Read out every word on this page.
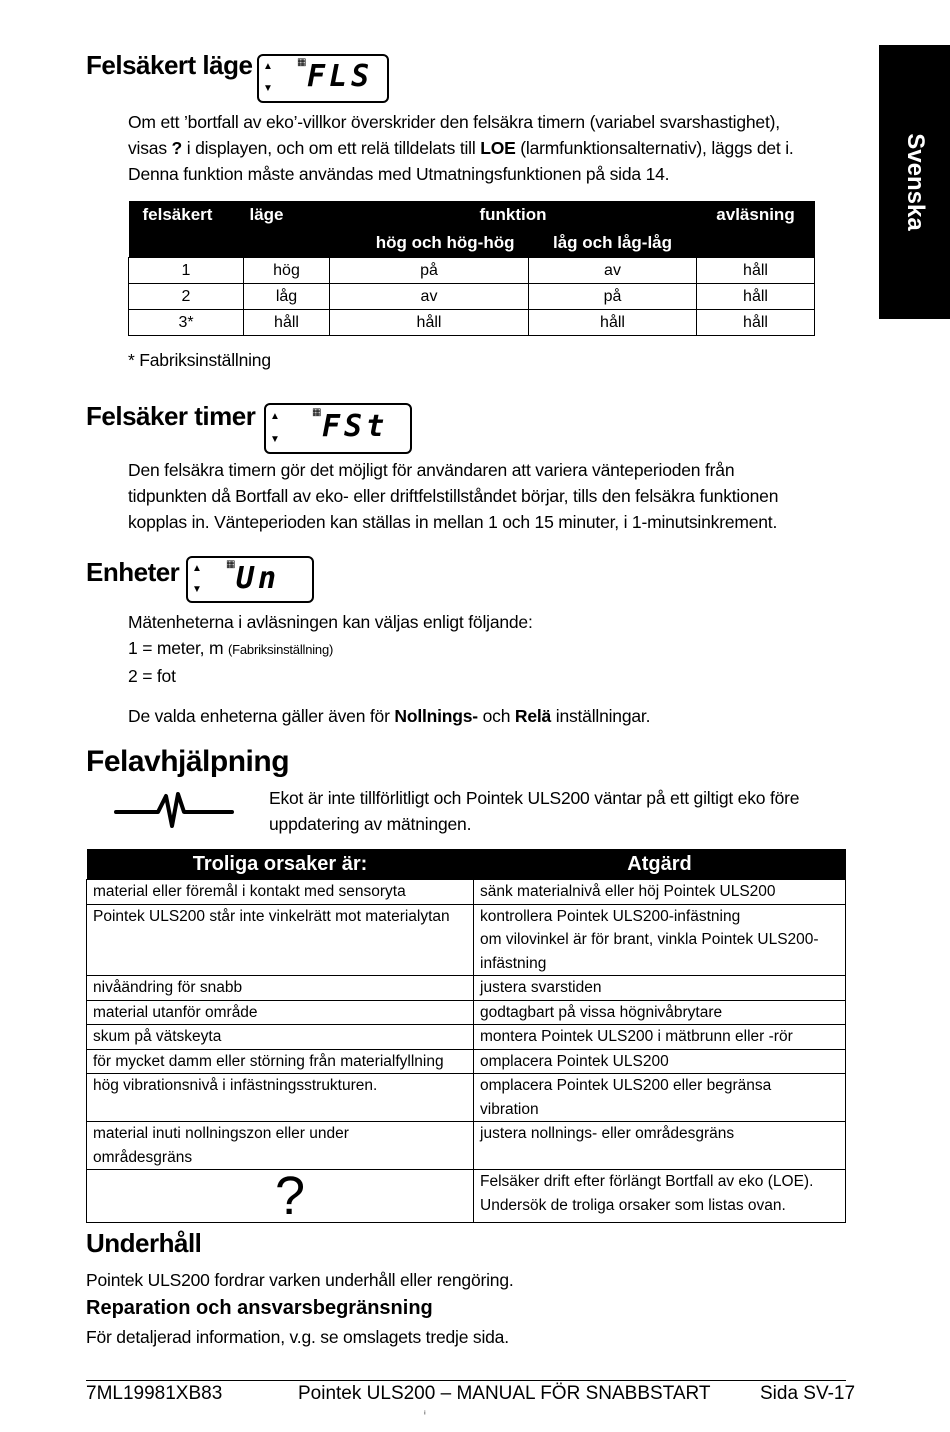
Svenska
Felsäkert läge ▲
▼
▦ FLS
Om ett ’bortfall av eko’-villkor överskrider den felsäkra timern (variabel svarshastighet),
visas ? i displayen, och om ett relä tilldelats till LOE (larmfunktionsalternativ), läggs det i.
Denna funktion måste användas med Utmatningsfunktionen på sida 14.
felsäkert	läge	funktion		avläsning
		hög och hög-hög	låg och låg-låg	
1	hög	på	av	håll
2	låg	av	på	håll
3*	håll	håll	håll	håll
* Fabriksinställning
Felsäker timer ▲
▼
▦ FSt
Den felsäkra timern gör det möjligt för användaren att variera vänteperioden från
tidpunkten då Bortfall av eko- eller driftfelstillståndet börjar, tills den felsäkra funktionen
kopplas in. Vänteperioden kan ställas in mellan 1 och 15 minuter, i 1-minutsinkrement.
Enheter ▲
▼
▦ Un
Mätenheterna i avläsningen kan väljas enligt följande:
1 = meter, m (Fabriksinställning)
2 = fot
De valda enheterna gäller även för Nollnings- och Relä inställningar.
Felavhjälpning
Ekot är inte tillförlitligt och Pointek ULS200 väntar på ett giltigt eko före
uppdatering av mätningen.
Troliga orsaker är:	Atgärd

material eller föremål i kontakt med sensoryta	sänk materialnivå eller höj Pointek ULS200

Pointek ULS200 står inte vinkelrätt mot materialytan	kontrollera Pointek ULS200-infästning
om vilovinkel är för brant, vinkla Pointek ULS200-
infästning

nivåändring för snabb	justera svarstiden

material utanför område	godtagbart på vissa högnivåbrytare

skum på vätskeyta	montera Pointek ULS200 i mätbrunn eller -rör

för mycket damm eller störning från materialfyllning	omplacera Pointek ULS200

hög vibrationsnivå i infästningsstrukturen.	omplacera Pointek ULS200 eller begränsa
vibration

material inuti nollningszon eller under
områdesgräns	justera nollnings- eller områdesgräns

?	Felsäker drift efter förlängt Bortfall av eko (LOE).
Undersök de troliga orsaker som listas ovan.
Underhåll
Pointek ULS200 fordrar varken underhåll eller rengöring.
Reparation och ansvarsbegränsning
För detaljerad information, v.g. se omslagets tredje sida.
7ML19981XB83	Pointek ULS200 – MANUAL FÖR SNABBSTART	Sida SV-17
ⁱ
